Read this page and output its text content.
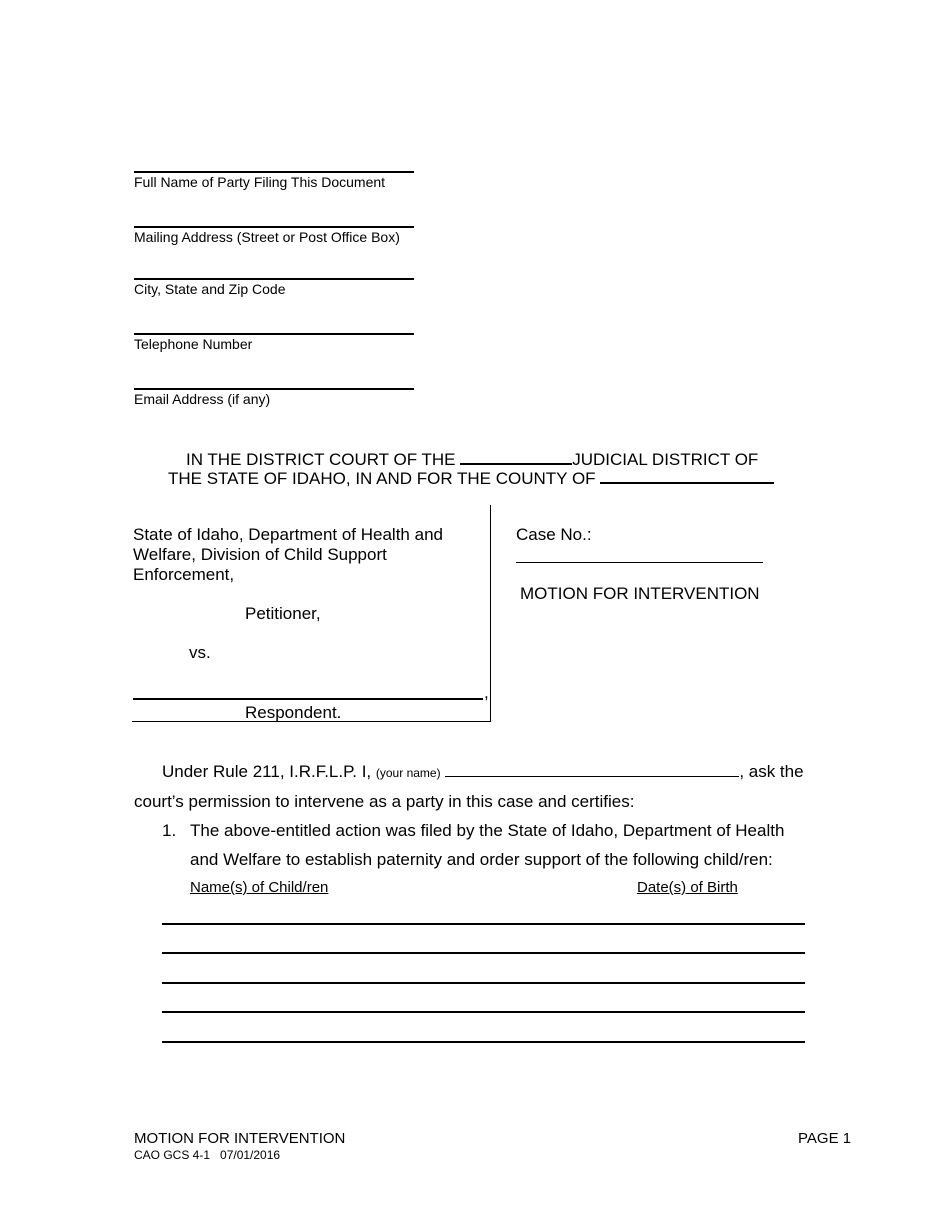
Full Name of Party Filing This Document
Mailing Address (Street or Post Office Box)
City, State and Zip Code
Telephone Number
Email Address (if any)
IN THE DISTRICT COURT OF THE	JUDICIAL DISTRICT OF
THE STATE OF IDAHO, IN AND FOR THE COUNTY OF
State of Idaho, Department of Health and
Welfare, Division of Child Support
Enforcement,
Petitioner,
vs.
,
Respondent.
Case No.:
MOTION FOR INTERVENTION
Under Rule 211, I.R.F.L.P. I, (your name)	, ask the
court’s permission to intervene as a party in this case and certifies:
1. The above-entitled action was filed by the State of Idaho, Department of Health
and Welfare to establish paternity and order support of the following child/ren:
Name(s) of Child/ren	Date(s) of Birth
MOTION FOR INTERVENTION
CAO GCS 4-1   07/01/2016
PAGE 1
